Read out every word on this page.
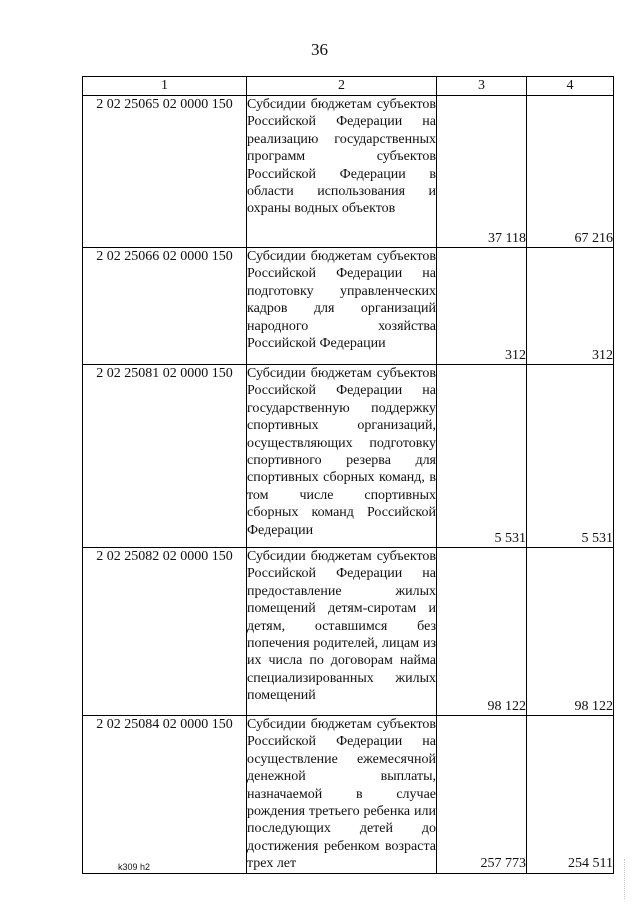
36
1	2	3	4
2 02 25065 02 0000 150	Субсидии бюджетам субъектов Российской Федерации на реализацию государственных программ субъектов Российской Федерации в области использования и охраны водных объектов	37 118	67 216
2 02 25066 02 0000 150	Субсидии бюджетам субъектов Российской Федерации на подготовку управленческих кадров для организаций народного хозяйства Российской Федерации	312	312
2 02 25081 02 0000 150	Субсидии бюджетам субъектов Российской Федерации на государственную поддержку спортивных организаций, осуществляющих подготовку спортивного резерва для спортивных сборных команд, в том числе спортивных сборных команд Российской Федерации	5 531	5 531
2 02 25082 02 0000 150	Субсидии бюджетам субъектов Российской Федерации на предоставление жилых помещений детям-сиротам и детям, оставшимся без попечения родителей, лицам из их числа по договорам найма специализированных жилых помещений	98 122	98 122
2 02 25084 02 0000 150	Субсидии бюджетам субъектов Российской Федерации на осуществление ежемесячной денежной выплаты, назначаемой в случае рождения третьего ребенка или последующих детей до достижения ребенком возраста трех лет	257 773	254 511
k309 h2
